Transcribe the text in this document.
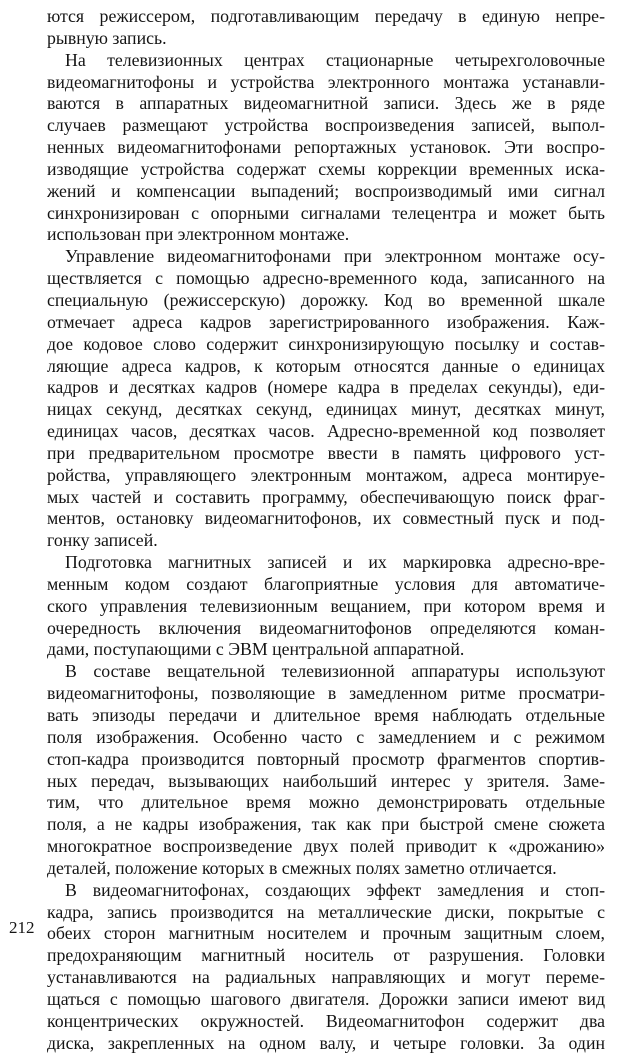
ются режиссером, подготавливающим передачу в единую непре-
рывную запись.
На телевизионных центрах стационарные четырехголовочные
видеомагнитофоны и устройства электронного монтажа устанавли-
ваются в аппаратных видеомагнитной записи. Здесь же в ряде
случаев размещают устройства воспроизведения записей, выпол-
ненных видеомагнитофонами репортажных установок. Эти воспро-
изводящие устройства содержат схемы коррекции временных иска-
жений и компенсации выпадений; воспроизводимый ими сигнал
синхронизирован с опорными сигналами телецентра и может быть
использован при электронном монтаже.
Управление видеомагнитофонами при электронном монтаже осу-
ществляется с помощью адресно-временного кода, записанного на
специальную (режиссерскую) дорожку. Код во временной шкале
отмечает адреса кадров зарегистрированного изображения. Каж-
дое кодовое слово содержит синхронизирующую посылку и состав-
ляющие адреса кадров, к которым относятся данные о единицах
кадров и десятках кадров (номере кадра в пределах секунды), еди-
ницах секунд, десятках секунд, единицах минут, десятках минут,
единицах часов, десятках часов. Адресно-временной код позволяет
при предварительном просмотре ввести в память цифрового уст-
ройства, управляющего электронным монтажом, адреса монтируе-
мых частей и составить программу, обеспечивающую поиск фраг-
ментов, остановку видеомагнитофонов, их совместный пуск и под-
гонку записей.
Подготовка магнитных записей и их маркировка адресно-вре-
менным кодом создают благоприятные условия для автоматиче-
ского управления телевизионным вещанием, при котором время и
очередность включения видеомагнитофонов определяются коман-
дами, поступающими с ЭВМ центральной аппаратной.
В составе вещательной телевизионной аппаратуры используют
видеомагнитофоны, позволяющие в замедленном ритме просматри-
вать эпизоды передачи и длительное время наблюдать отдельные
поля изображения. Особенно часто с замедлением и с режимом
стоп-кадра производится повторный просмотр фрагментов спортив-
ных передач, вызывающих наибольший интерес у зрителя. Заме-
тим, что длительное время можно демонстрировать отдельные
поля, а не кадры изображения, так как при быстрой смене сюжета
многократное воспроизведение двух полей приводит к «дрожанию»
деталей, положение которых в смежных полях заметно отличается.
В видеомагнитофонах, создающих эффект замедления и стоп-
кадра, запись производится на металлические диски, покрытые с
обеих сторон магнитным носителем и прочным защитным слоем,
предохраняющим магнитный носитель от разрушения. Головки
устанавливаются на радиальных направляющих и могут переме-
щаться с помощью шагового двигателя. Дорожки записи имеют вид
концентрических окружностей. Видеомагнитофон содержит два
диска, закрепленных на одном валу, и четыре головки. За один
212
